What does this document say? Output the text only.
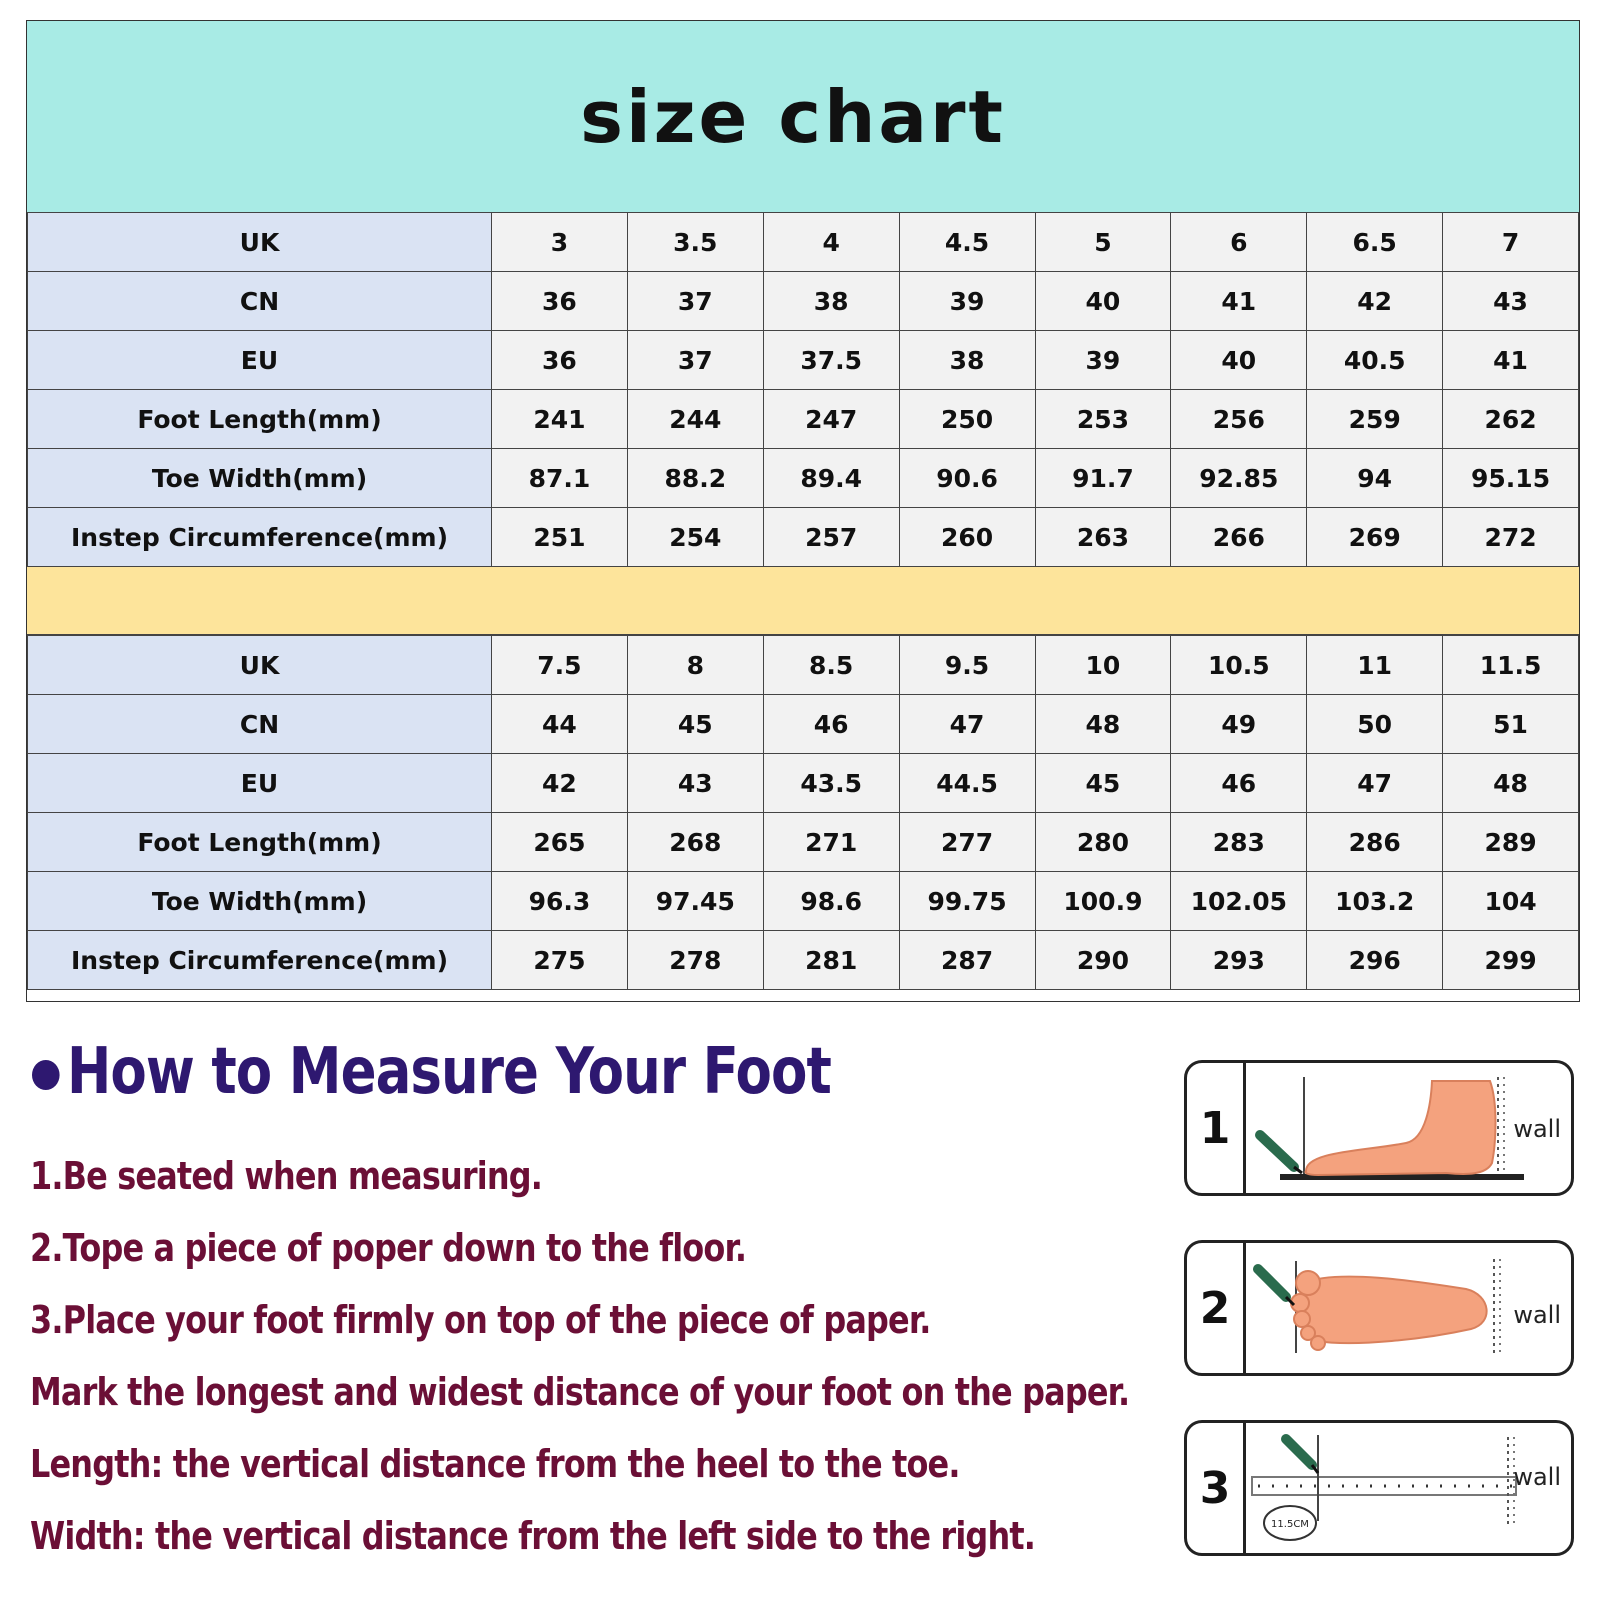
size chart
UK	3	3.5	4	4.5	5	6	6.5	7
CN	36	37	38	39	40	41	42	43
EU	36	37	37.5	38	39	40	40.5	41
Foot Length(mm)	241	244	247	250	253	256	259	262
Toe Width(mm)	87.1	88.2	89.4	90.6	91.7	92.85	94	95.15
Instep Circumference(mm)	251	254	257	260	263	266	269	272
UK	7.5	8	8.5	9.5	10	10.5	11	11.5
CN	44	45	46	47	48	49	50	51
EU	42	43	43.5	44.5	45	46	47	48
Foot Length(mm)	265	268	271	277	280	283	286	289
Toe Width(mm)	96.3	97.45	98.6	99.75	100.9	102.05	103.2	104
Instep Circumference(mm)	275	278	281	287	290	293	296	299
How to Measure Your Foot
1.Be seated when measuring.
2.Tope a piece of poper down to the floor.
3.Place your foot firmly on top of the piece of paper.
Mark the longest and widest distance of your foot on the paper.
Length: the vertical distance from the heel to the toe.
Width: the vertical distance from the left side to the right.
1	wall
2	wall
3
11.5CM
wall
